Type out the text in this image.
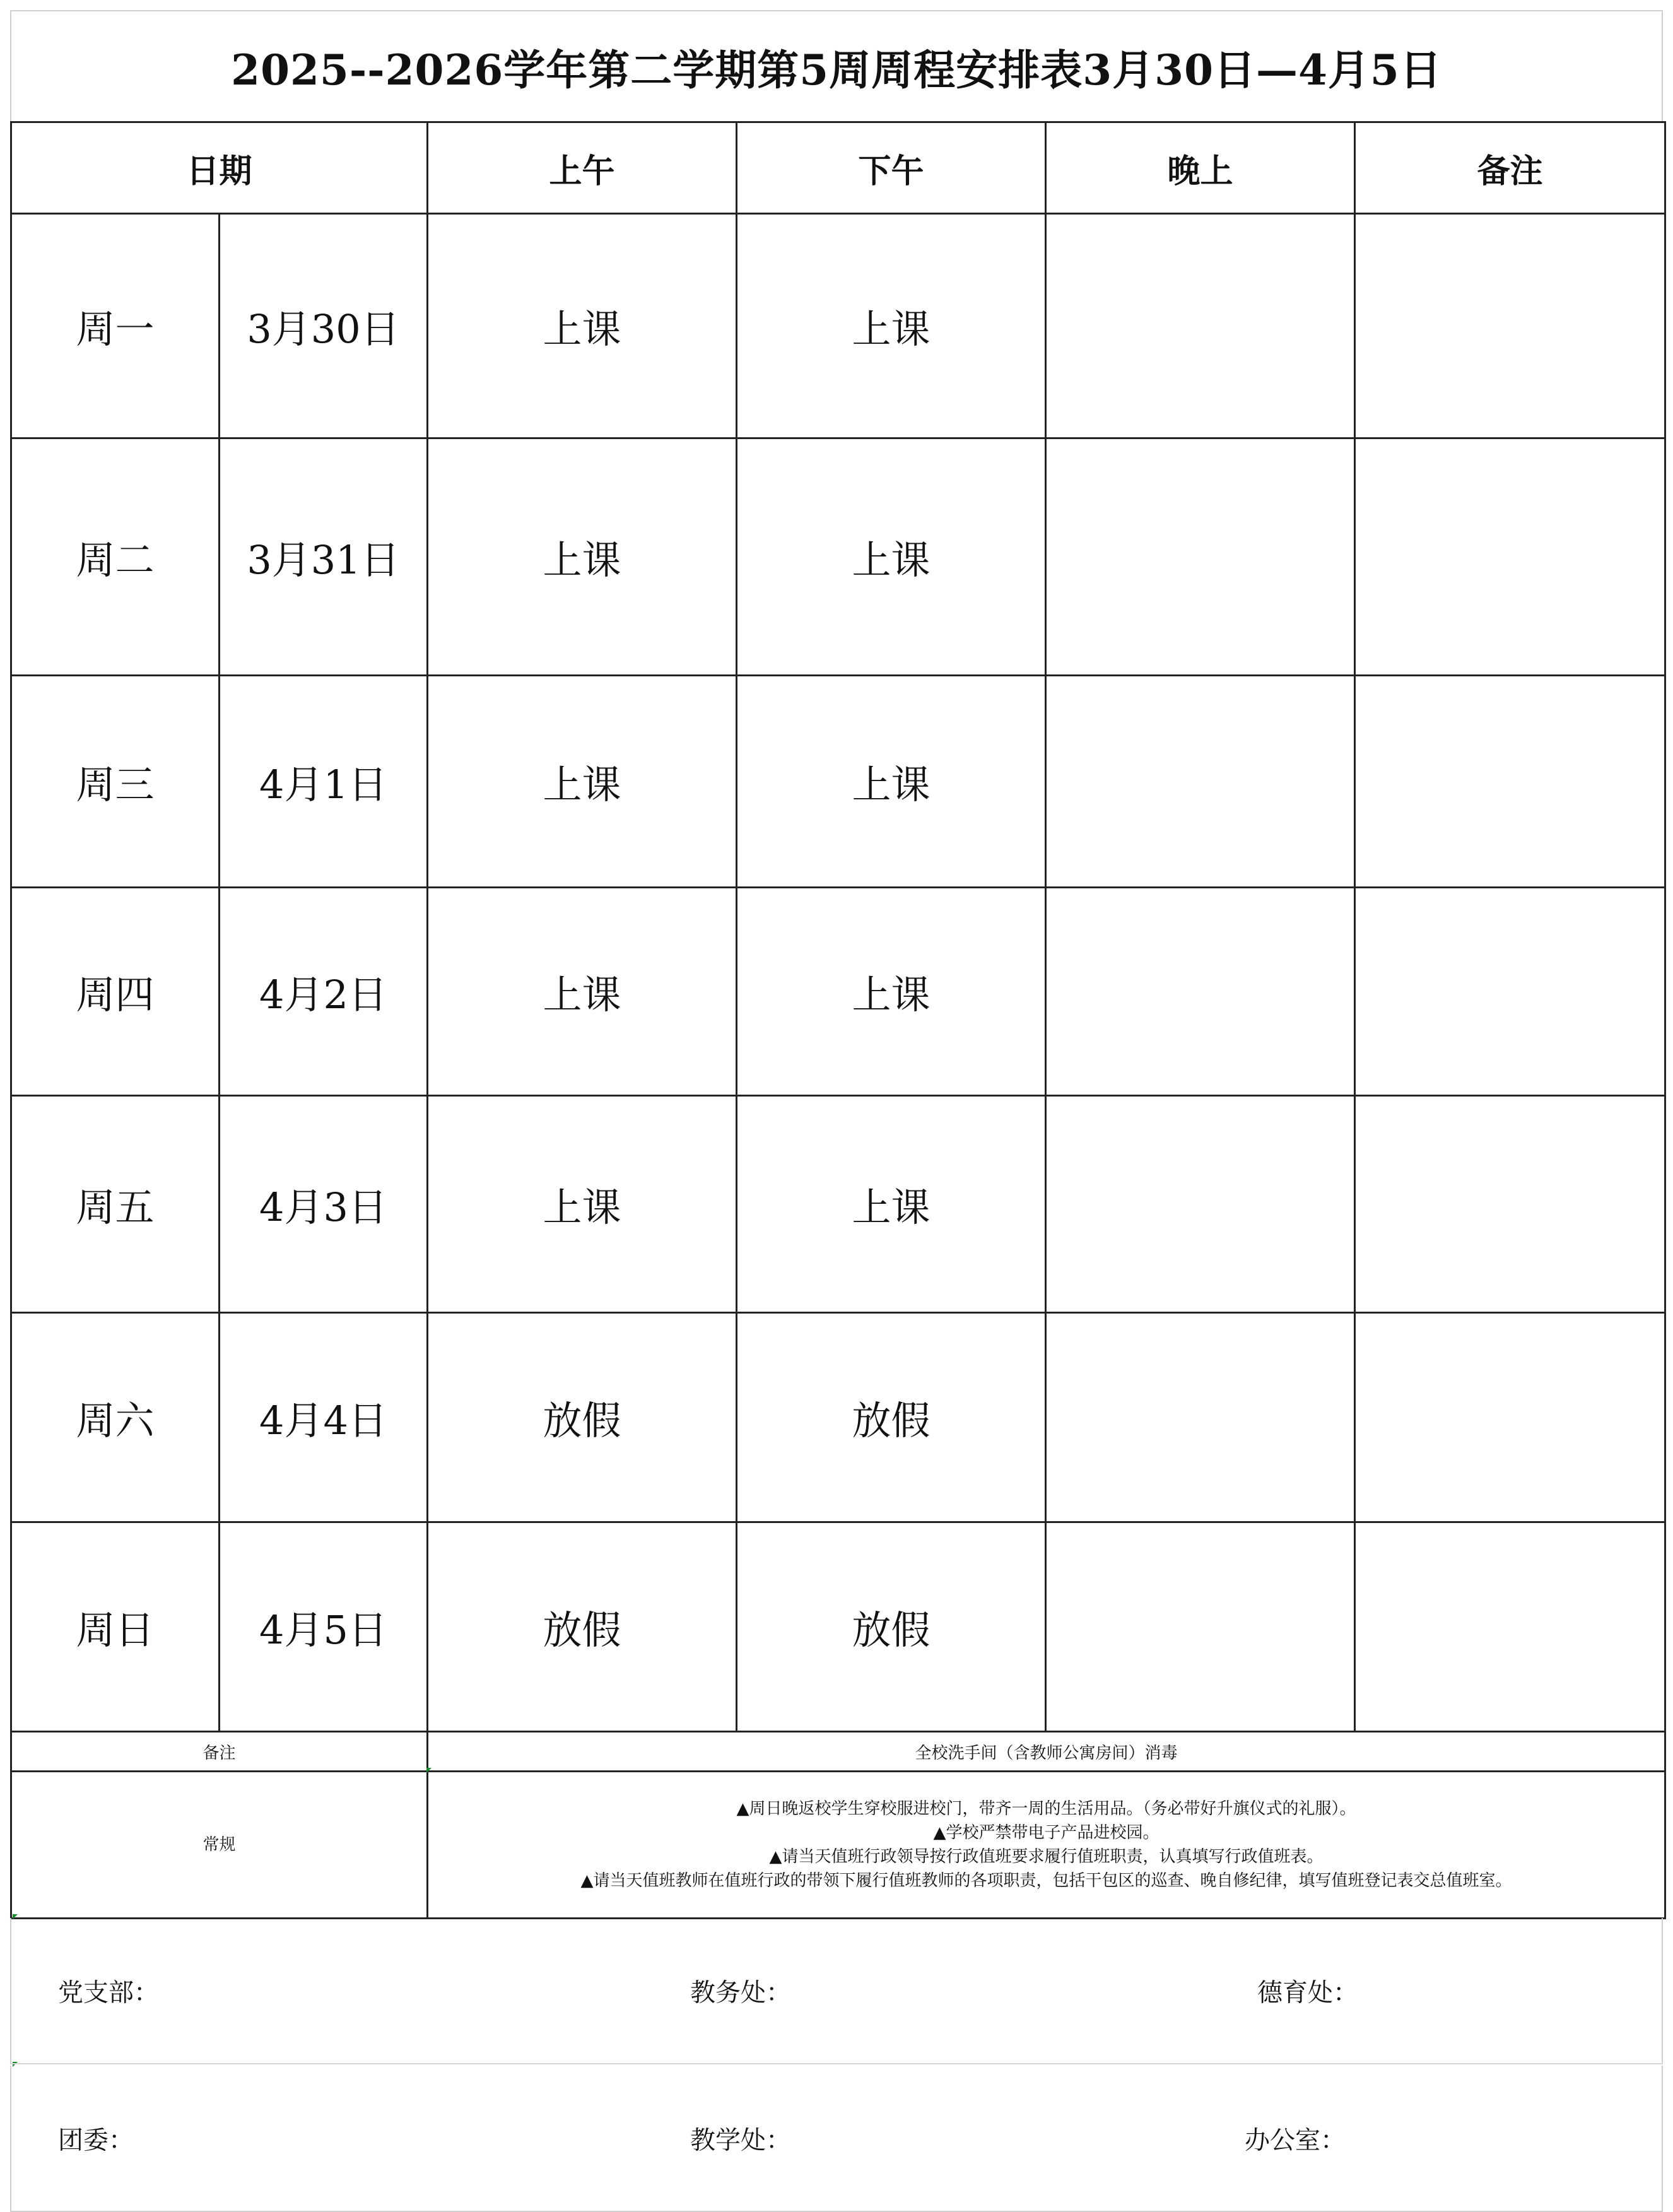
2025--2026学年第二学期第5周周程安排表3月30日—4月5日
日期		上午	下午	晚上	备注
周一	3月30日	上课	上课		
周二	3月31日	上课	上课		
周三	4月1日	上课	上课		
周四	4月2日	上课	上课		
周五	4月3日	上课	上课		
周六	4月4日	放假	放假		
周日	4月5日	放假	放假		
备注		全校洗手间（含教师公寓房间）消毒			
常规		▲周日晚返校学生穿校服进校门，带齐一周的生活用品。（务必带好升旗仪式的礼服）。
▲学校严禁带电子产品进校园。
▲请当天值班行政领导按行政值班要求履行值班职责，认真填写行政值班表。
▲请当天值班教师在值班行政的带领下履行值班教师的各项职责，包括干包区的巡查、晚自修纪律，填写值班登记表交总值班室。			
党支部：	教务处：	德育处：
团委：	教学处：	办公室：
